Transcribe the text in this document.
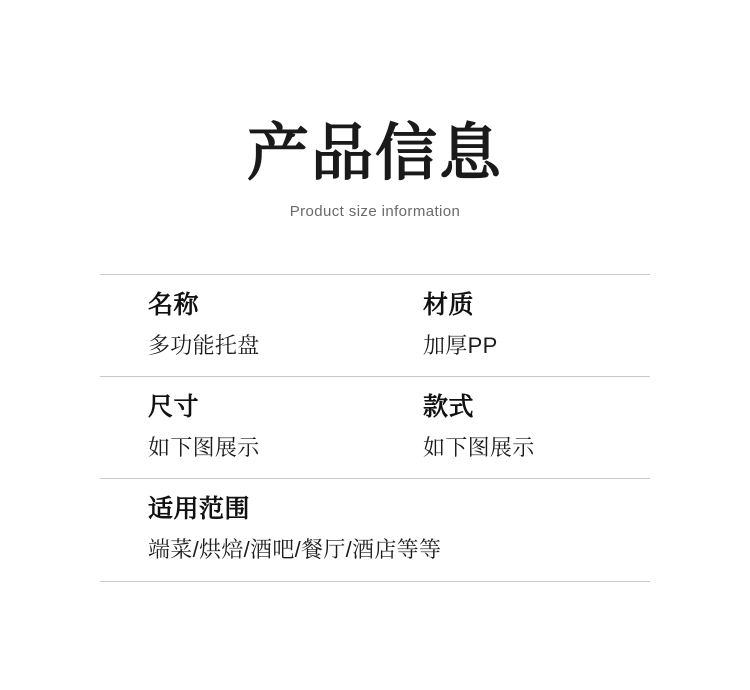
产品信息
Product size information
名称
多功能托盘
材质
加厚PP
尺寸
如下图展示
款式
如下图展示
适用范围
端菜/烘焙/酒吧/餐厅/酒店等等
